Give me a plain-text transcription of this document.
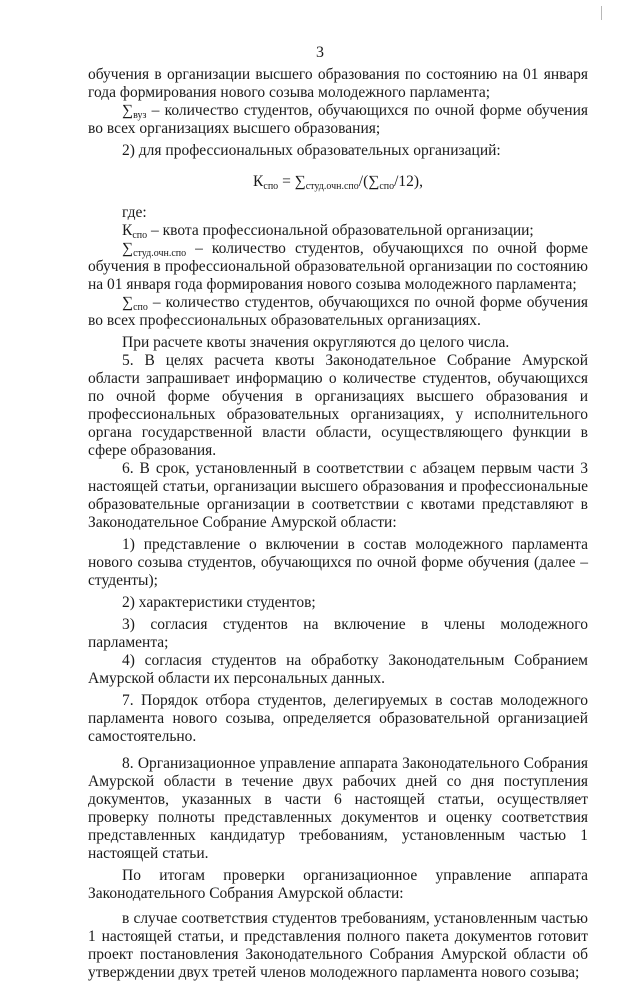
3

обучения в организации высшего образования по состоянию на 01 января года формирования нового созыва молодежного парламента;

$\sum_{вуз}$ – количество студентов, обучающихся по очной форме обучения во всех организациях высшего образования;

2) для профессиональных образовательных организаций:

$К_{спо} = \sum_{студ.очн.спо}/(\sum_{спо}/12)$,

где:

$К_{спо}$ – квота профессиональной образовательной организации;

$\sum_{студ.очн.спо}$ – количество студентов, обучающихся по очной форме обучения в профессиональной образовательной организации по состоянию на 01 января года формирования нового созыва молодежного парламента;

$\sum_{спо}$ – количество студентов, обучающихся по очной форме обучения во всех профессиональных образовательных организациях.

При расчете квоты значения округляются до целого числа.

5. В целях расчета квоты Законодательное Собрание Амурской области запрашивает информацию о количестве студентов, обучающихся по очной форме обучения в организациях высшего образования и профессиональных образовательных организациях, у исполнительного органа государственной власти области, осуществляющего функции в сфере образования.

6. В срок, установленный в соответствии с абзацем первым части 3 настоящей статьи, организации высшего образования и профессиональные образовательные организации в соответствии с квотами представляют в Законодательное Собрание Амурской области:

1) представление о включении в состав молодежного парламента нового созыва студентов, обучающихся по очной форме обучения (далее – студенты);

2) характеристики студентов;

3) согласия студентов на включение в члены молодежного парламента;

4) согласия студентов на обработку Законодательным Собранием Амурской области их персональных данных.

7. Порядок отбора студентов, делегируемых в состав молодежного парламента нового созыва, определяется образовательной организацией самостоятельно.

8. Организационное управление аппарата Законодательного Собрания Амурской области в течение двух рабочих дней со дня поступления документов, указанных в части 6 настоящей статьи, осуществляет проверку полноты представленных документов и оценку соответствия представленных кандидатур требованиям, установленным частью 1 настоящей статьи.

По итогам проверки организационное управление аппарата Законодательного Собрания Амурской области:

в случае соответствия студентов требованиям, установленным частью 1 настоящей статьи, и представления полного пакета документов готовит проект постановления Законодательного Собрания Амурской области об утверждении двух третей членов молодежного парламента нового созыва;
